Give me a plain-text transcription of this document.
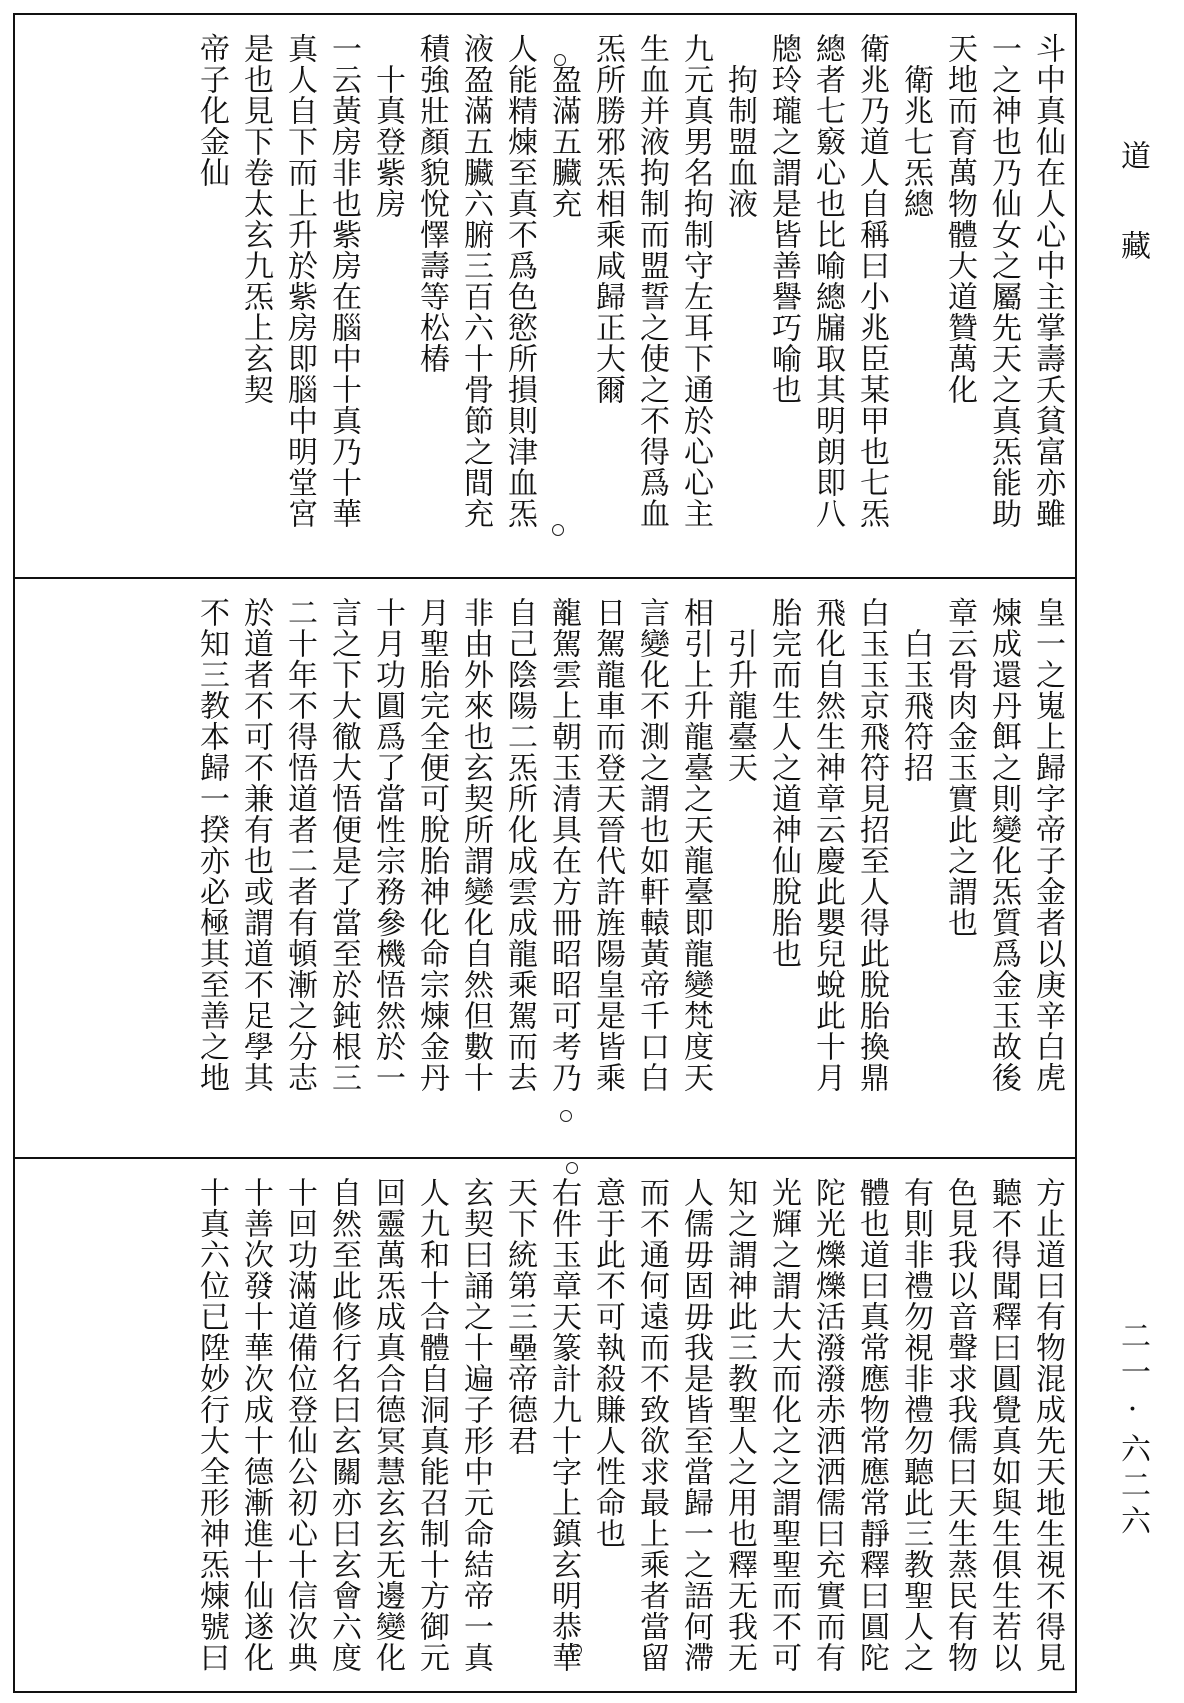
斗中真仙在人心中主掌壽夭貧富亦雖
一之神也乃仙女之屬先天之真炁能助
天地而育萬物體大道贊萬化
　衛兆七炁總
衛兆乃道人自稱曰小兆臣某甲也七炁
總者七竅心也比喻總牖取其明朗即八
牕玲瓏之謂是皆善譽巧喻也
　拘制盟血液
九元真男名拘制守左耳下通於心心主
生血并液拘制而盟誓之使之不得爲血
炁所勝邪炁相乘咸歸正大爾
　盈滿五臟充
人能精煉至真不爲色慾所損則津血炁
液盈滿五臟六腑三百六十骨節之間充
積強壯顏貌悅懌壽等松椿
　十真登紫房
一云黃房非也紫房在腦中十真乃十華
真人自下而上升於紫房即腦中明堂宮
是也見下卷太玄九炁上玄契
帝子化金仙
皇一之嵬上歸字帝子金者以庚辛白虎
煉成還丹餌之則變化炁質爲金玉故後
章云骨肉金玉實此之謂也
　白玉飛符招
白玉玉京飛符見招至人得此脫胎換鼎
飛化自然生神章云慶此嬰兒蛻此十月
胎完而生人之道神仙脫胎也
　引升龍臺天
相引上升龍臺之天龍臺即龍變梵度天
言變化不測之謂也如軒轅黃帝千口白
日駕龍車而登天晉代許旌陽皇是皆乘
龍駕雲上朝玉清具在方冊昭昭可考乃
自己陰陽二炁所化成雲成龍乘駕而去
非由外來也玄契所謂變化自然但數十
月聖胎完全便可脫胎神化命宗煉金丹
十月功圓爲了當性宗務參機悟然於一
言之下大徹大悟便是了當至於鈍根三
二十年不得悟道者二者有頓漸之分志
於道者不可不兼有也或謂道不足學其
不知三教本歸一揆亦必極其至善之地
方止道曰有物混成先天地生視不得見
聽不得聞釋曰圓覺真如與生俱生若以
色見我以音聲求我儒曰天生蒸民有物
有則非禮勿視非禮勿聽此三教聖人之
體也道曰真常應物常應常靜釋曰圓陀
陀光爍爍活潑潑赤洒洒儒曰充實而有
光輝之謂大大而化之之謂聖聖而不可
知之謂神此三教聖人之用也釋无我无
人儒毋固毋我是皆至當歸一之語何滯
而不通何遠而不致欲求最上乘者當留
意于此不可執殺賺人性命也
右件玉章天篆計九十字上鎮玄明恭華
天下統第三壘帝德君
玄契曰誦之十遍子形中元命結帝一真
人九和十合體自洞真能召制十方御元
回靈萬炁成真合德冥慧玄玄无邊變化
自然至此修行名曰玄關亦曰玄會六度
十回功滿道備位登仙公初心十信次典
十善次發十華次成十德漸進十仙遂化
十真六位已陞妙行大全形神炁煉號曰
道藏
二一·六二六
